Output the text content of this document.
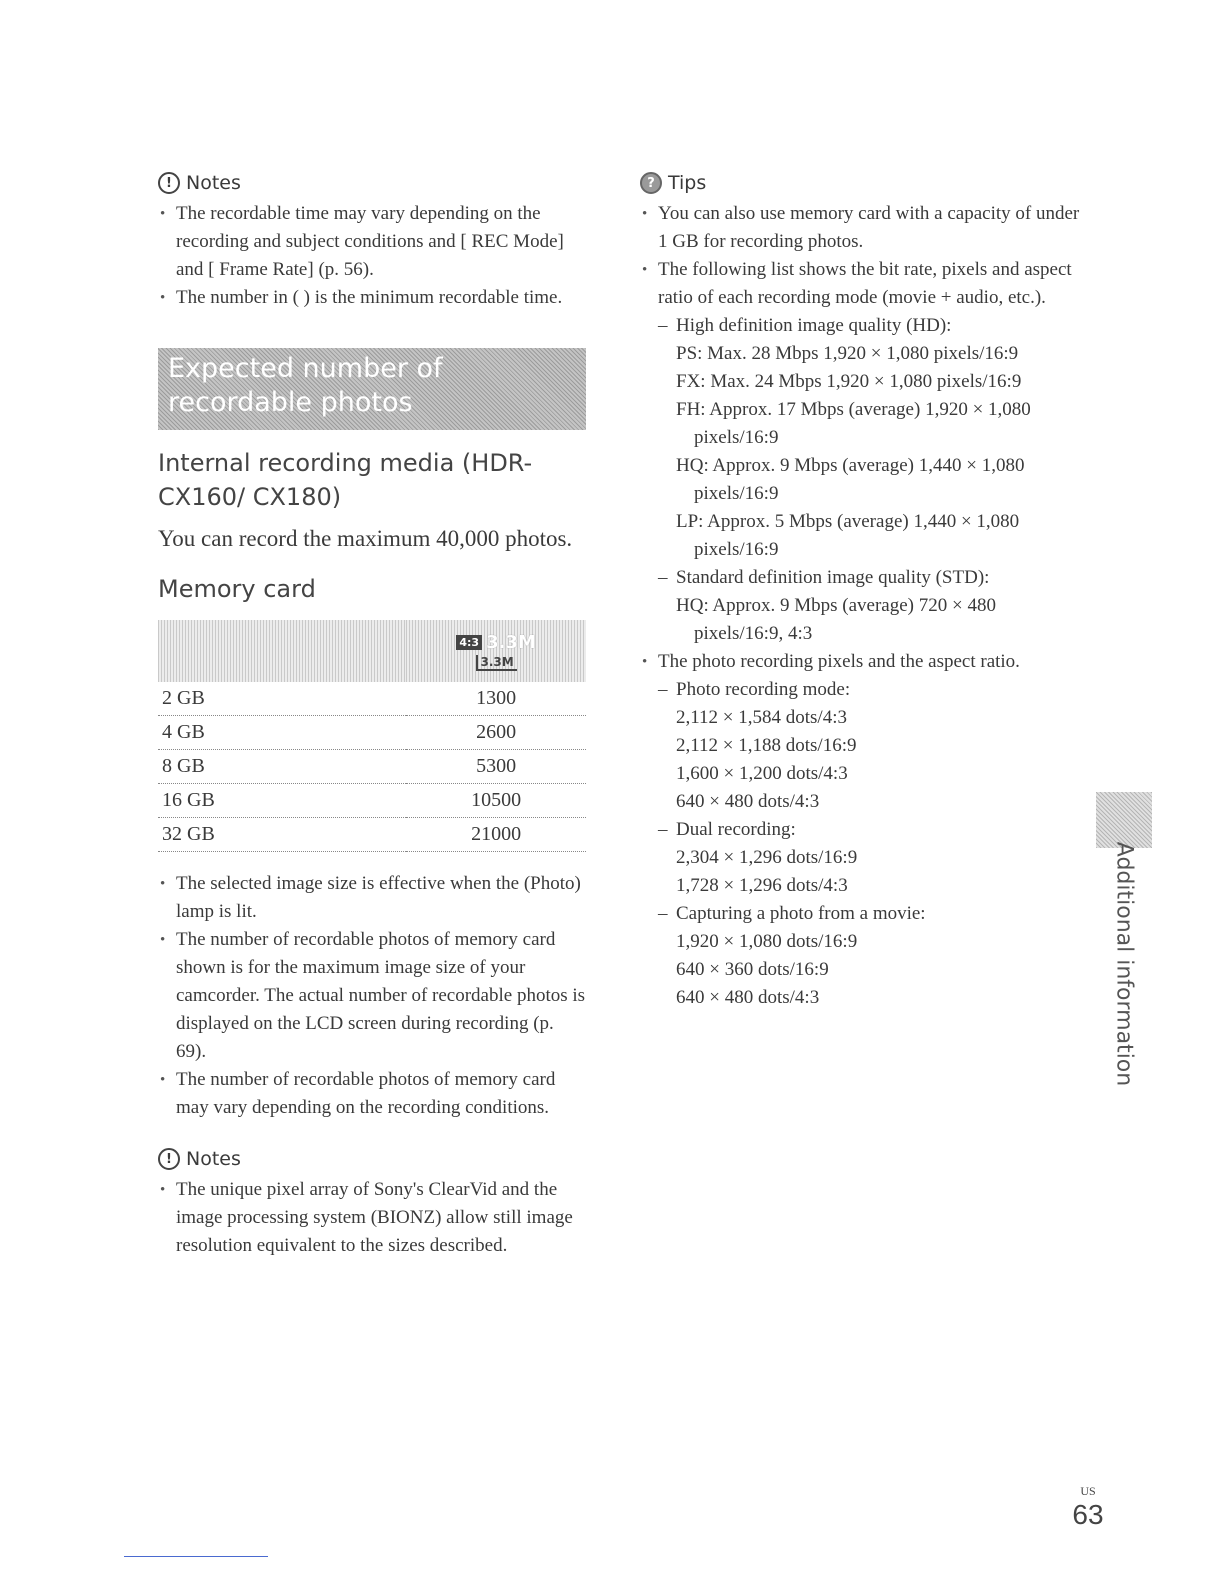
! Notes
• The recordable time may vary depending on the recording and subject conditions and [ REC Mode] and [ Frame Rate] (p. 56).
• The number in ( ) is the minimum recordable time.
Expected number of recordable photos
Internal recording media (HDR-CX160/ CX180)

You can record the maximum 40,000 photos.

Memory card

	4:3 3.3M
3.3M

2 GB	1300
4 GB	2600
8 GB	5300
16 GB	10500
32 GB	21000
• The selected image size is effective when the (Photo) lamp is lit.
• The number of recordable photos of memory card shown is for the maximum image size of your camcorder. The actual number of recordable photos is displayed on the LCD screen during recording (p. 69).
• The number of recordable photos of memory card may vary depending on the recording conditions.
! Notes
• The unique pixel array of Sony's ClearVid and the image processing system (BIONZ) allow still image resolution equivalent to the sizes described.
? Tips
• You can also use memory card with a capacity of under 1 GB for recording photos.
• The following list shows the bit rate, pixels and aspect ratio of each recording mode (movie + audio, etc.).
– High definition image quality (HD):
PS: Max. 28 Mbps 1,920 × 1,080 pixels/16:9
FX: Max. 24 Mbps 1,920 × 1,080 pixels/16:9
FH: Approx. 17 Mbps (average) 1,920 × 1,080
pixels/16:9
HQ: Approx. 9 Mbps (average) 1,440 × 1,080
pixels/16:9
LP: Approx. 5 Mbps (average) 1,440 × 1,080
pixels/16:9
– Standard definition image quality (STD):
HQ: Approx. 9 Mbps (average) 720 × 480
pixels/16:9, 4:3
• The photo recording pixels and the aspect ratio.
– Photo recording mode:
2,112 × 1,584 dots/4:3
2,112 × 1,188 dots/16:9
1,600 × 1,200 dots/4:3
640 × 480 dots/4:3
– Dual recording:
2,304 × 1,296 dots/16:9
1,728 × 1,296 dots/4:3
– Capturing a photo from a movie:
1,920 × 1,080 dots/16:9
640 × 360 dots/16:9
640 × 480 dots/4:3	Additional information
US
63
